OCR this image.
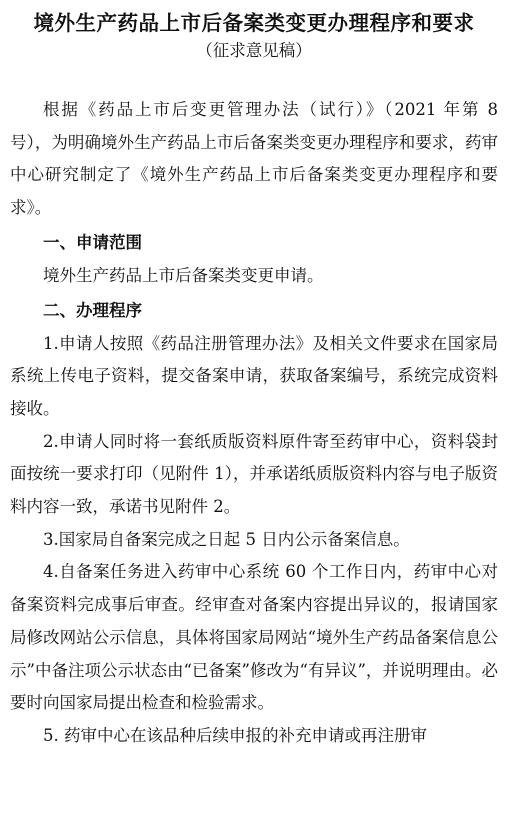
境外生产药品上市后备案类变更办理程序和要求
（征求意见稿）

根据《药品上市后变更管理办法（试行）》（2021 年第 8 号），为明确境外生产药品上市后备案类变更办理程序和要求，药审中心研究制定了《境外生产药品上市后备案类变更办理程序和要求》。

一、申请范围

境外生产药品上市后备案类变更申请。

二、办理程序

1.申请人按照《药品注册管理办法》及相关文件要求在国家局系统上传电子资料，提交备案申请，获取备案编号，系统完成资料接收。

2.申请人同时将一套纸质版资料原件寄至药审中心，资料袋封面按统一要求打印（见附件 1），并承诺纸质版资料内容与电子版资料内容一致，承诺书见附件 2。

3.国家局自备案完成之日起 5 日内公示备案信息。

4.自备案任务进入药审中心系统 60 个工作日内，药审中心对备案资料完成事后审查。经审查对备案内容提出异议的，报请国家局修改网站公示信息，具体将国家局网站“境外生产药品备案信息公示”中备注项公示状态由“已备案”修改为“有异议”，并说明理由。必要时向国家局提出检查和检验需求。

5. 药审中心在该品种后续申报的补充申请或再注册审
